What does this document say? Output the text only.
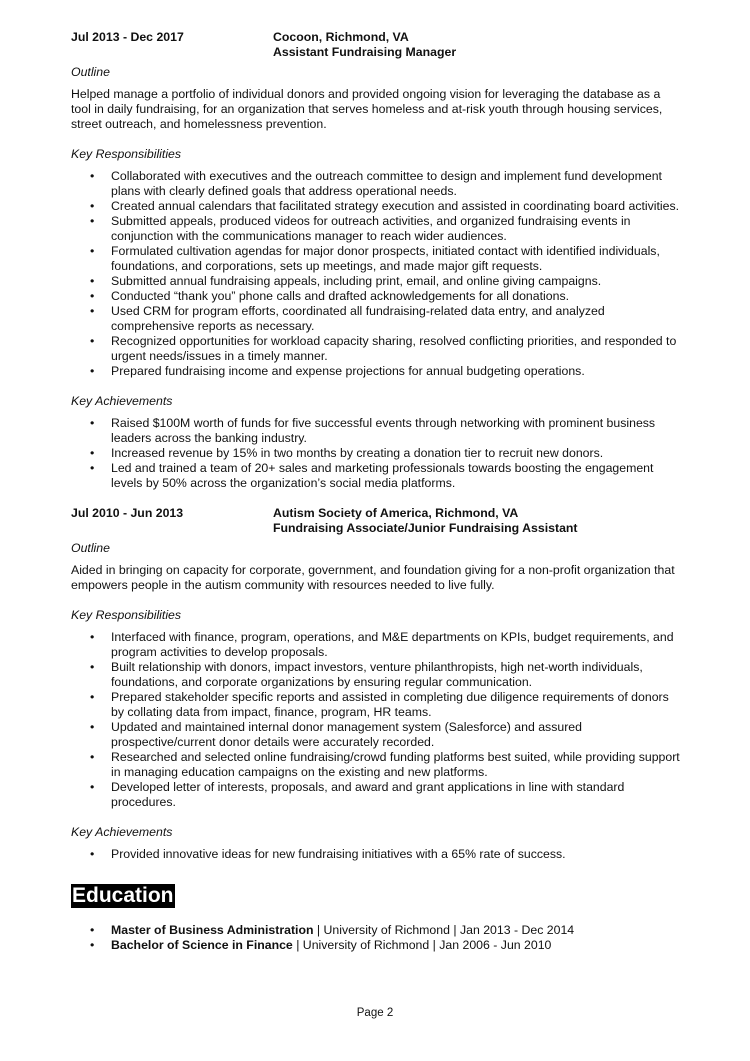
Jul 2013 - Dec 2017	Cocoon, Richmond, VA
Assistant Fundraising Manager
Outline
Helped manage a portfolio of individual donors and provided ongoing vision for leveraging the database as a tool in daily fundraising, for an organization that serves homeless and at-risk youth through housing services, street outreach, and homelessness prevention.
Key Responsibilities
• Collaborated with executives and the outreach committee to design and implement fund development plans with clearly defined goals that address operational needs.
• Created annual calendars that facilitated strategy execution and assisted in coordinating board activities.
• Submitted appeals, produced videos for outreach activities, and organized fundraising events in conjunction with the communications manager to reach wider audiences.
• Formulated cultivation agendas for major donor prospects, initiated contact with identified individuals, foundations, and corporations, sets up meetings, and made major gift requests.
• Submitted annual fundraising appeals, including print, email, and online giving campaigns.
• Conducted “thank you” phone calls and drafted acknowledgements for all donations.
• Used CRM for program efforts, coordinated all fundraising-related data entry, and analyzed comprehensive reports as necessary.
• Recognized opportunities for workload capacity sharing, resolved conflicting priorities, and responded to urgent needs/issues in a timely manner.
• Prepared fundraising income and expense projections for annual budgeting operations.
Key Achievements
• Raised $100M worth of funds for five successful events through networking with prominent business leaders across the banking industry.
• Increased revenue by 15% in two months by creating a donation tier to recruit new donors.
• Led and trained a team of 20+ sales and marketing professionals towards boosting the engagement levels by 50% across the organization’s social media platforms.
Jul 2010 - Jun 2013	Autism Society of America, Richmond, VA
Fundraising Associate/Junior Fundraising Assistant
Outline
Aided in bringing on capacity for corporate, government, and foundation giving for a non-profit organization that empowers people in the autism community with resources needed to live fully.
Key Responsibilities
• Interfaced with finance, program, operations, and M&E departments on KPIs, budget requirements, and program activities to develop proposals.
• Built relationship with donors, impact investors, venture philanthropists, high net-worth individuals, foundations, and corporate organizations by ensuring regular communication.
• Prepared stakeholder specific reports and assisted in completing due diligence requirements of donors by collating data from impact, finance, program, HR teams.
• Updated and maintained internal donor management system (Salesforce) and assured prospective/current donor details were accurately recorded.
• Researched and selected online fundraising/crowd funding platforms best suited, while providing support in managing education campaigns on the existing and new platforms.
• Developed letter of interests, proposals, and award and grant applications in line with standard procedures.
Key Achievements
• Provided innovative ideas for new fundraising initiatives with a 65% rate of success.
Education
• Master of Business Administration | University of Richmond | Jan 2013 - Dec 2014
• Bachelor of Science in Finance | University of Richmond | Jan 2006 - Jun 2010
Page 2
